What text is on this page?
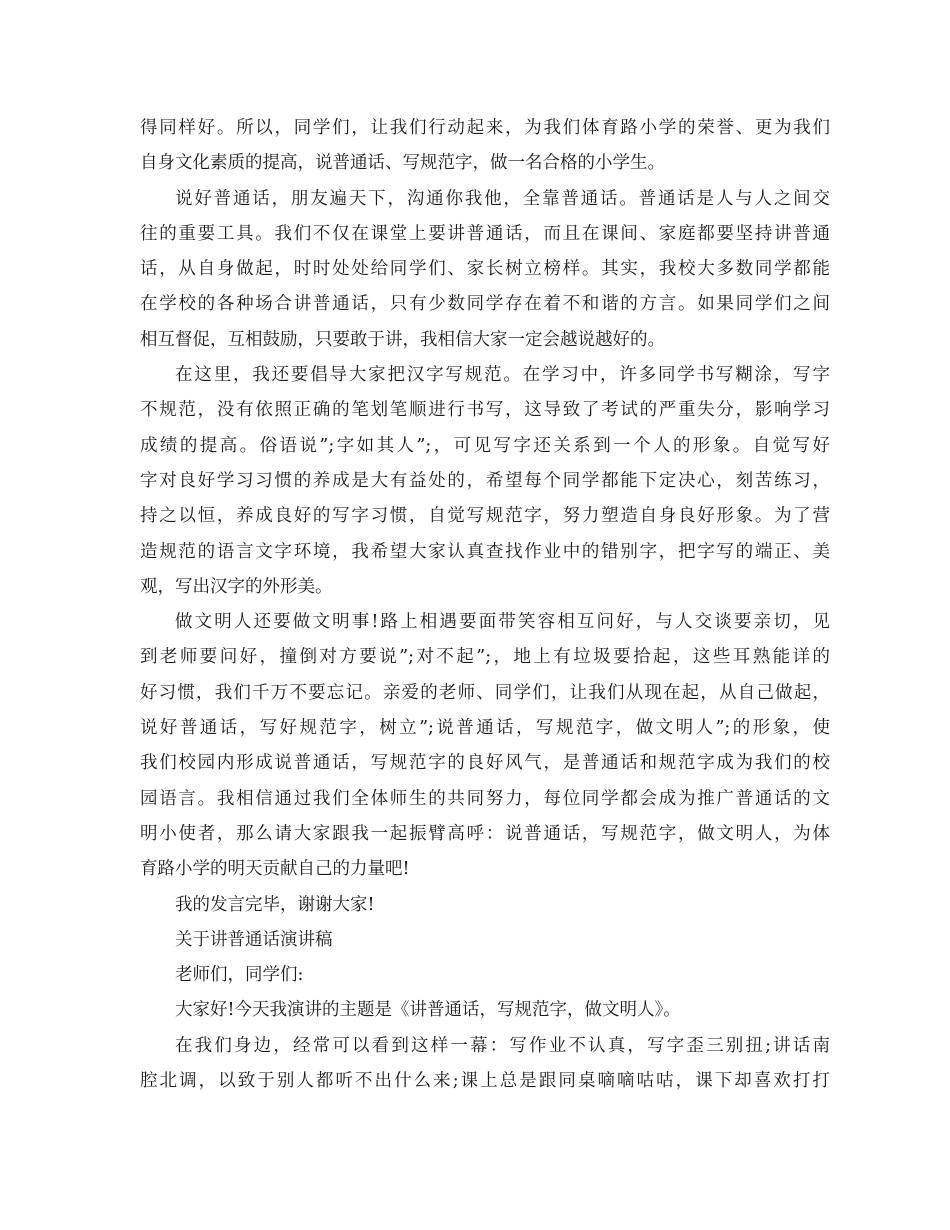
得同样好。所以，同学们，让我们行动起来，为我们体育路小学的荣誉、更为我们
自身文化素质的提高，说普通话、写规范字，做一名合格的小学生。
说好普通话，朋友遍天下，沟通你我他，全靠普通话。普通话是人与人之间交
往的重要工具。我们不仅在课堂上要讲普通话，而且在课间、家庭都要坚持讲普通
话，从自身做起，时时处处给同学们、家长树立榜样。其实，我校大多数同学都能
在学校的各种场合讲普通话，只有少数同学存在着不和谐的方言。如果同学们之间
相互督促，互相鼓励，只要敢于讲，我相信大家一定会越说越好的。
在这里，我还要倡导大家把汉字写规范。在学习中，许多同学书写糊涂，写字
不规范，没有依照正确的笔划笔顺进行书写，这导致了考试的严重失分，影响学习
成绩的提高。俗语说”;字如其人”;，可见写字还关系到一个人的形象。自觉写好
字对良好学习习惯的养成是大有益处的，希望每个同学都能下定决心，刻苦练习，
持之以恒，养成良好的写字习惯，自觉写规范字，努力塑造自身良好形象。为了营
造规范的语言文字环境，我希望大家认真查找作业中的错别字，把字写的端正、美
观，写出汉字的外形美。
做文明人还要做文明事!路上相遇要面带笑容相互问好，与人交谈要亲切，见
到老师要问好，撞倒对方要说”;对不起”;，地上有垃圾要拾起，这些耳熟能详的
好习惯，我们千万不要忘记。亲爱的老师、同学们，让我们从现在起，从自己做起，
说好普通话，写好规范字，树立”;说普通话，写规范字，做文明人”;的形象，使
我们校园内形成说普通话，写规范字的良好风气，是普通话和规范字成为我们的校
园语言。我相信通过我们全体师生的共同努力，每位同学都会成为推广普通话的文
明小使者，那么请大家跟我一起振臂高呼：说普通话，写规范字，做文明人，为体
育路小学的明天贡献自己的力量吧!
我的发言完毕，谢谢大家!
关于讲普通话演讲稿
老师们，同学们:
大家好!今天我演讲的主题是《讲普通话，写规范字，做文明人》。
在我们身边，经常可以看到这样一幕：写作业不认真，写字歪三别扭;讲话南
腔北调，以致于别人都听不出什么来;课上总是跟同桌嘀嘀咕咕，课下却喜欢打打
